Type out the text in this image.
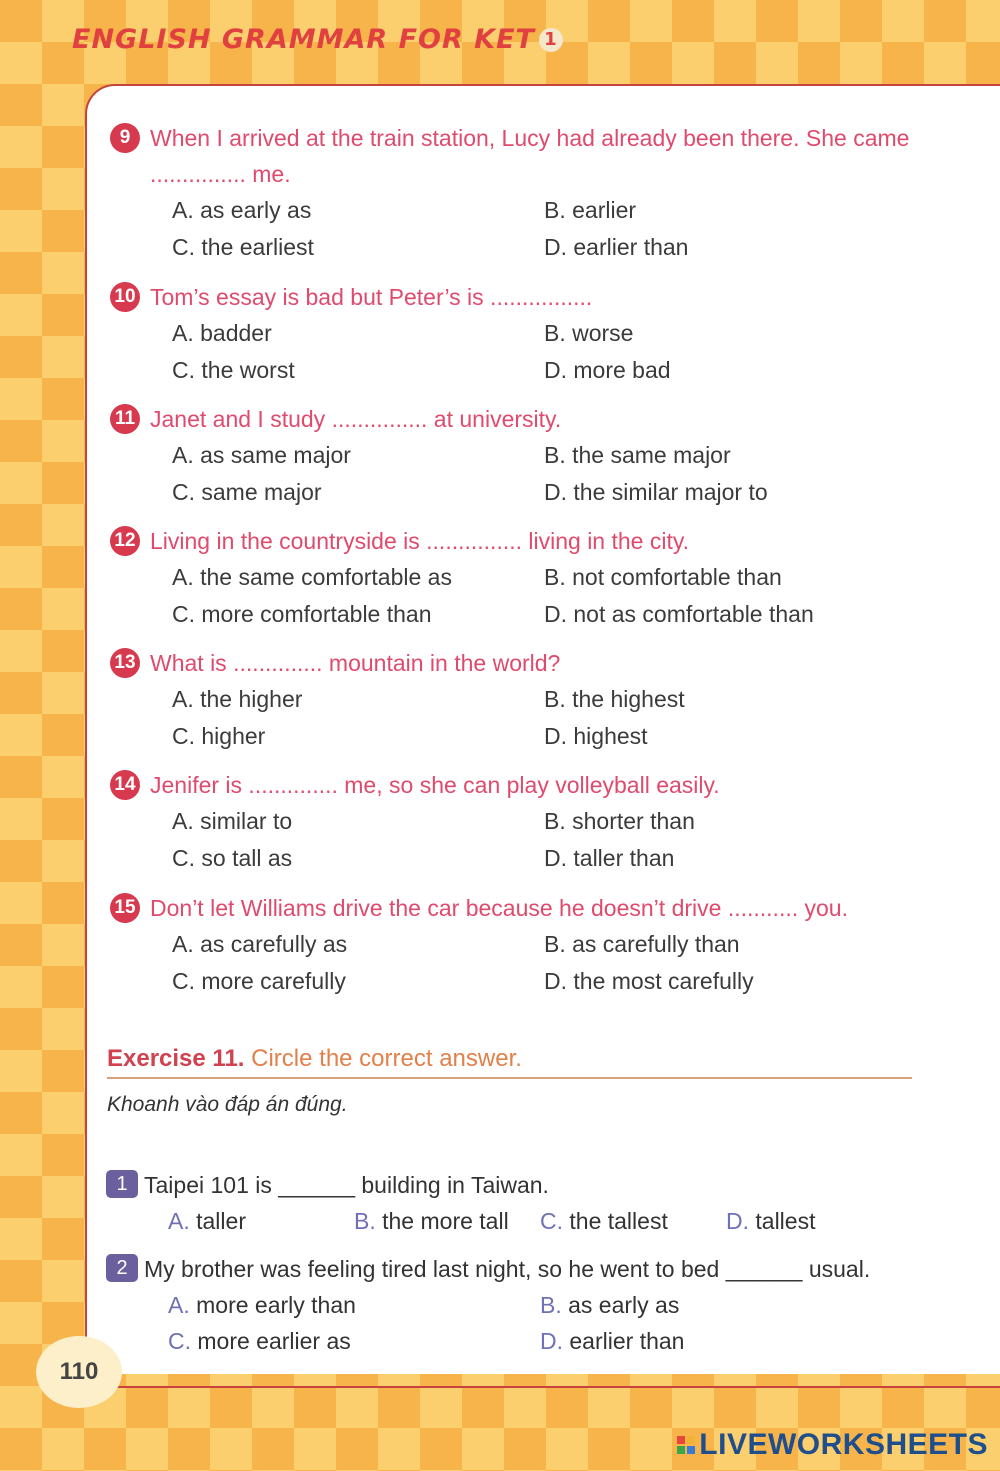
ENGLISH GRAMMAR FOR KET 1
9 When I arrived at the train station, Lucy had already been there. She came ............... me.
A. as early as	B. earlier
C. the earliest	D. earlier than
10 Tom’s essay is bad but Peter’s is ................
A. badder	B. worse
C. the worst	D. more bad
11 Janet and I study ............... at university.
A. as same major	B. the same major
C. same major	D. the similar major to
12 Living in the countryside is ............... living in the city.
A. the same comfortable as	B. not comfortable than
C. more comfortable than	D. not as comfortable than
13 What is .............. mountain in the world?
A. the higher	B. the highest
C. higher	D. highest
14 Jenifer is .............. me, so she can play volleyball easily.
A. similar to	B. shorter than
C. so tall as	D. taller than
15 Don’t let Williams drive the car because he doesn’t drive ........... you.
A. as carefully as	B. as carefully than
C. more carefully	D. the most carefully
Exercise 11. Circle the correct answer.
Khoanh vào đáp án đúng.
1 Taipei 101 is ______ building in Taiwan.
A. taller	B. the more tall	C. the tallest	D. tallest
2 My brother was feeling tired last night, so he went to bed ______ usual.
A. more early than	B. as early as
C. more earlier as	D. earlier than
110
LIVEWORKSHEETS
